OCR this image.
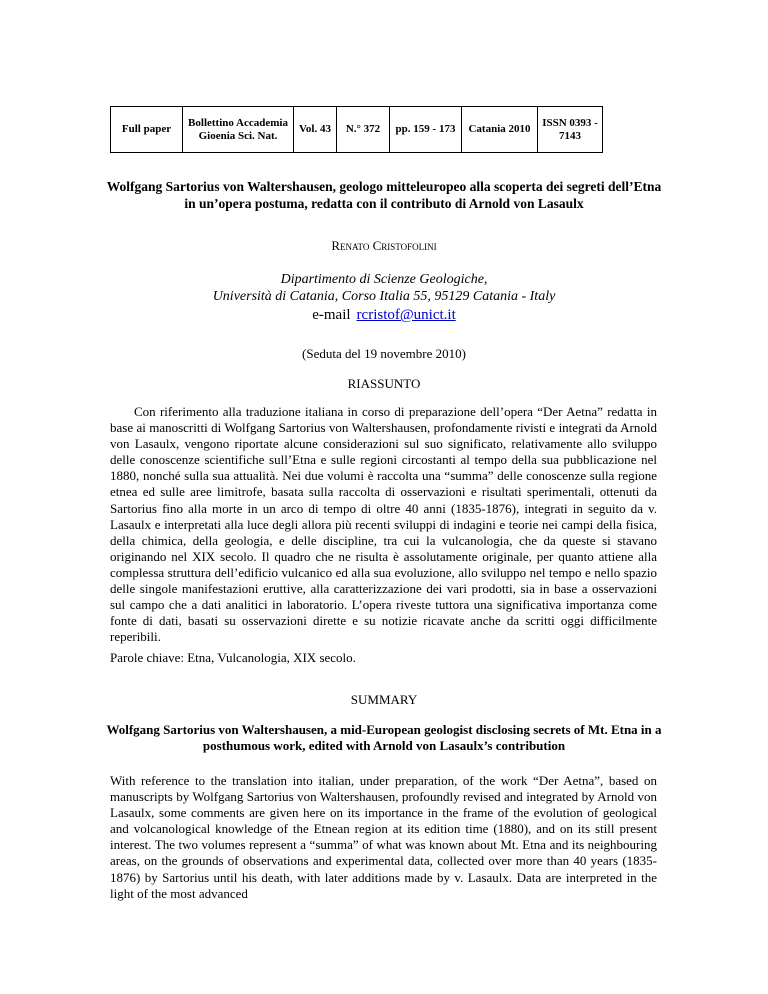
Full paper	Bollettino Accademia Gioenia Sci. Nat.	Vol. 43	N.° 372	pp. 159 - 173	Catania 2010	ISSN 0393 - 7143
Wolfgang Sartorius von Waltershausen, geologo mitteleuropeo alla scoperta dei segreti dell’Etna in un’opera postuma, redatta con il contributo di Arnold von Lasaulx
Renato Cristofolini
Dipartimento di Scienze Geologiche,
Università di Catania, Corso Italia 55, 95129 Catania - Italy
e-mail rcristof@unict.it
(Seduta del 19 novembre 2010)
RIASSUNTO

Con riferimento alla traduzione italiana in corso di preparazione dell’opera “Der Aetna” redatta in base ai manoscritti di Wolfgang Sartorius von Waltershausen, profondamente rivisti e integrati da Arnold von Lasaulx, vengono riportate alcune considerazioni sul suo significato, relativamente allo sviluppo delle conoscenze scientifiche sull’Etna e sulle regioni circostanti al tempo della sua pubblicazione nel 1880, nonché sulla sua attualità. Nei due volumi è raccolta una “summa” delle conoscenze sulla regione etnea ed sulle aree limitrofe, basata sulla raccolta di osservazioni e risultati sperimentali, ottenuti da Sartorius fino alla morte in un arco di tempo di oltre 40 anni (1835-1876), integrati in seguito da v. Lasaulx e interpretati alla luce degli allora più recenti sviluppi di indagini e teorie nei campi della fisica, della chimica, della geologia, e delle discipline, tra cui la vulcanologia, che da queste si stavano originando nel XIX secolo. Il quadro che ne risulta è assolutamente originale, per quanto attiene alla complessa struttura dell’edificio vulcanico ed alla sua evoluzione, allo sviluppo nel tempo e nello spazio delle singole manifestazioni eruttive, alla caratterizzazione dei vari prodotti, sia in base a osservazioni sul campo che a dati analitici in laboratorio. L’opera riveste tuttora una significativa importanza come fonte di dati, basati su osservazioni dirette e su notizie ricavate anche da scritti oggi difficilmente reperibili.

Parole chiave: Etna, Vulcanologia, XIX secolo.
SUMMARY
Wolfgang Sartorius von Waltershausen, a mid-European geologist disclosing secrets of Mt. Etna in a posthumous work, edited with Arnold von Lasaulx’s contribution

With reference to the translation into italian, under preparation, of the work “Der Aetna”, based on manuscripts by Wolfgang Sartorius von Waltershausen, profoundly revised and integrated by Arnold von Lasaulx, some comments are given here on its importance in the frame of the evolution of geological and volcanological knowledge of the Etnean region at its edition time (1880), and on its still present interest. The two volumes represent a “summa” of what was known about Mt. Etna and its neighbouring areas, on the grounds of observations and experimental data, collected over more than 40 years (1835-1876) by Sartorius until his death, with later additions made by v. Lasaulx. Data are interpreted in the light of the most advanced
